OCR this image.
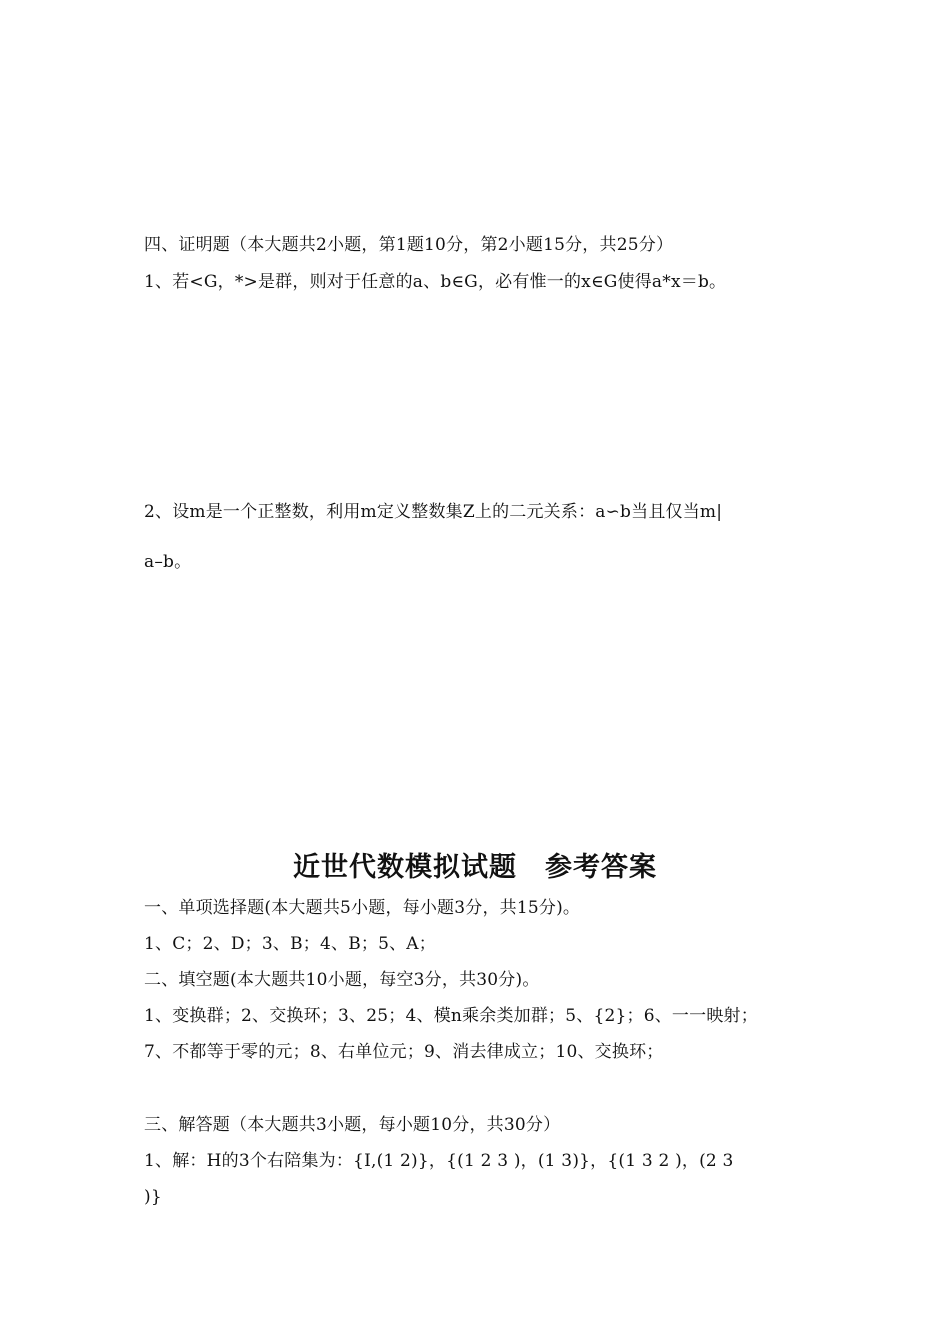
四、证明题（本大题共2小题，第1题10分，第2小题15分，共25分）
1、若<G，*>是群，则对于任意的a、b∈G，必有惟一的x∈G使得a*x＝b。
2、设m是一个正整数，利用m定义整数集Z上的二元关系：a∽b当且仅当m|
a–b。
近世代数模拟试题　参考答案
一、单项选择题(本大题共5小题，每小题3分，共15分)。
1、C；2、D；3、B；4、B；5、A；
二、填空题(本大题共10小题，每空3分，共30分)。
1、变换群；2、交换环；3、25；4、模n乘余类加群；5、{2}；6、一一映射；
7、不都等于零的元；8、右单位元；9、消去律成立；10、交换环；
三、解答题（本大题共3小题，每小题10分，共30分）
1、解：H的3个右陪集为：{I,(1 2)}，{(1 2 3 )，(1 3)}，{(1 3 2 )，(2 3
)}
